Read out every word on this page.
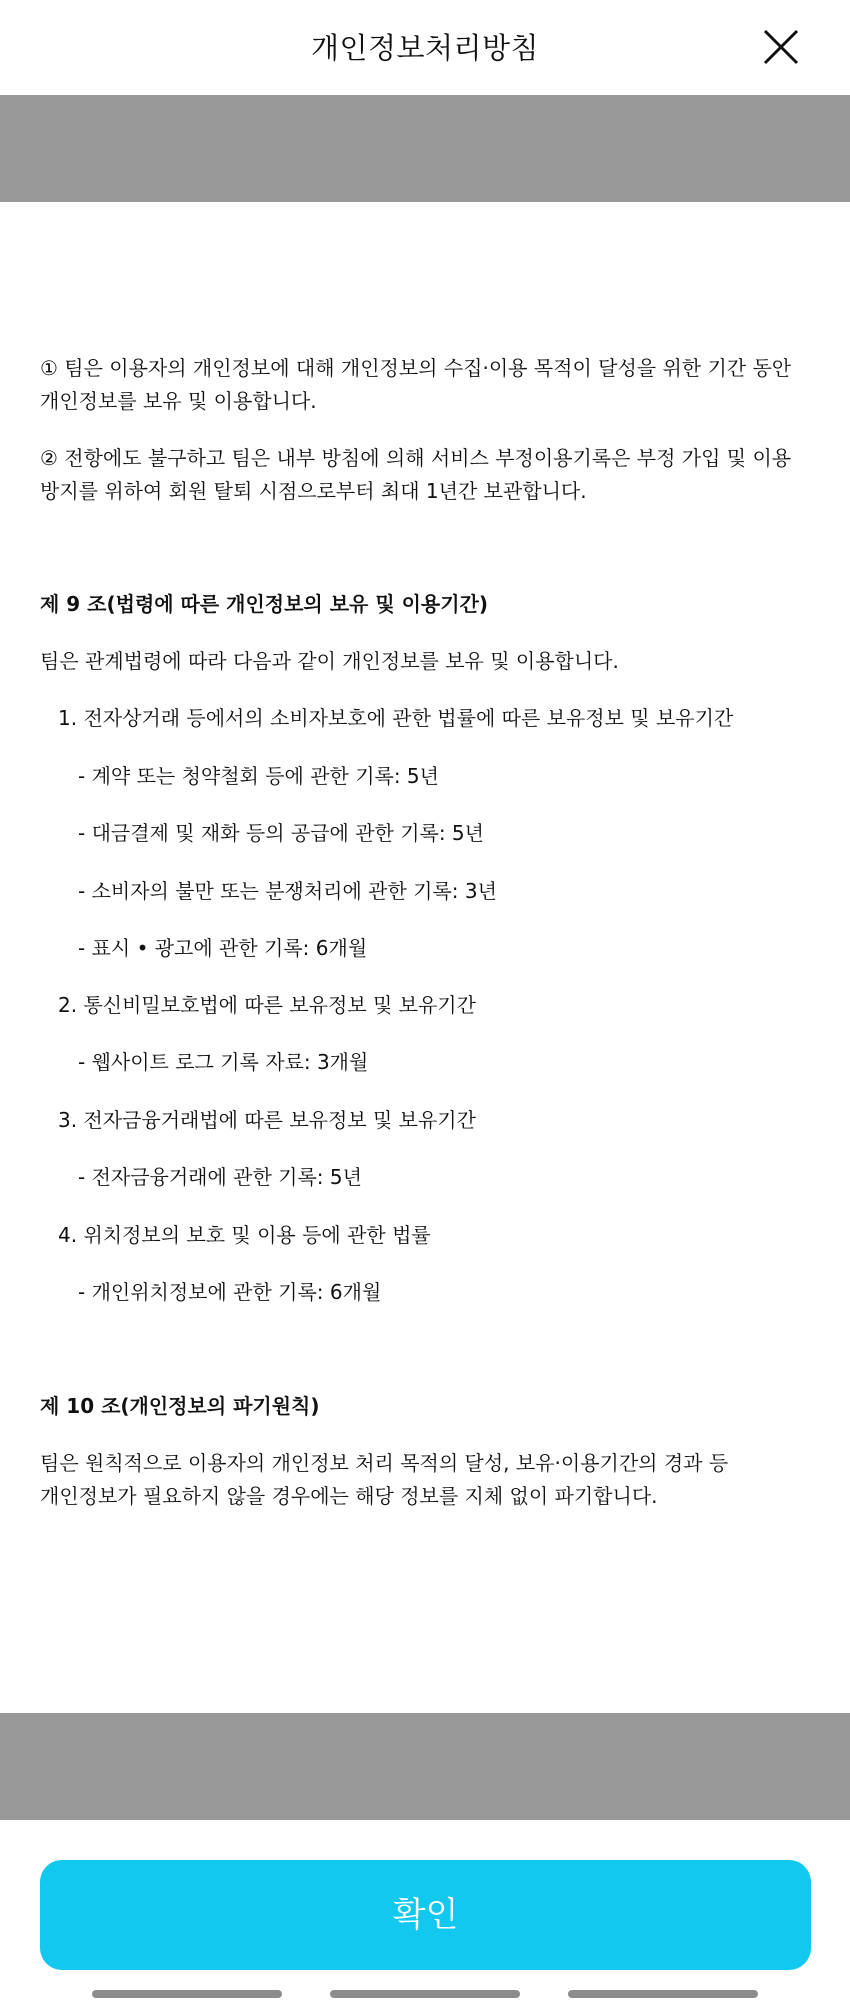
개인정보처리방침
① 팀은 이용자의 개인정보에 대해 개인정보의 수집·이용 목적이 달성을 위한 기간 동안 개인정보를 보유 및 이용합니다.
② 전항에도 불구하고 팀은 내부 방침에 의해 서비스 부정이용기록은 부정 가입 및 이용 방지를 위하여 회원 탈퇴 시점으로부터 최대 1년간 보관합니다.
제 9 조(법령에 따른 개인정보의 보유 및 이용기간)
팀은 관계법령에 따라 다음과 같이 개인정보를 보유 및 이용합니다.
1. 전자상거래 등에서의 소비자보호에 관한 법률에 따른 보유정보 및 보유기간
- 계약 또는 청약철회 등에 관한 기록: 5년
- 대금결제 및 재화 등의 공급에 관한 기록: 5년
- 소비자의 불만 또는 분쟁처리에 관한 기록: 3년
- 표시 • 광고에 관한 기록: 6개월
2. 통신비밀보호법에 따른 보유정보 및 보유기간
- 웹사이트 로그 기록 자료: 3개월
3. 전자금융거래법에 따른 보유정보 및 보유기간
- 전자금융거래에 관한 기록: 5년
4. 위치정보의 보호 및 이용 등에 관한 법률
- 개인위치정보에 관한 기록: 6개월
제 10 조(개인정보의 파기원칙)
팀은 원칙적으로 이용자의 개인정보 처리 목적의 달성, 보유·이용기간의 경과 등 개인정보가 필요하지 않을 경우에는 해당 정보를 지체 없이 파기합니다.
확인
